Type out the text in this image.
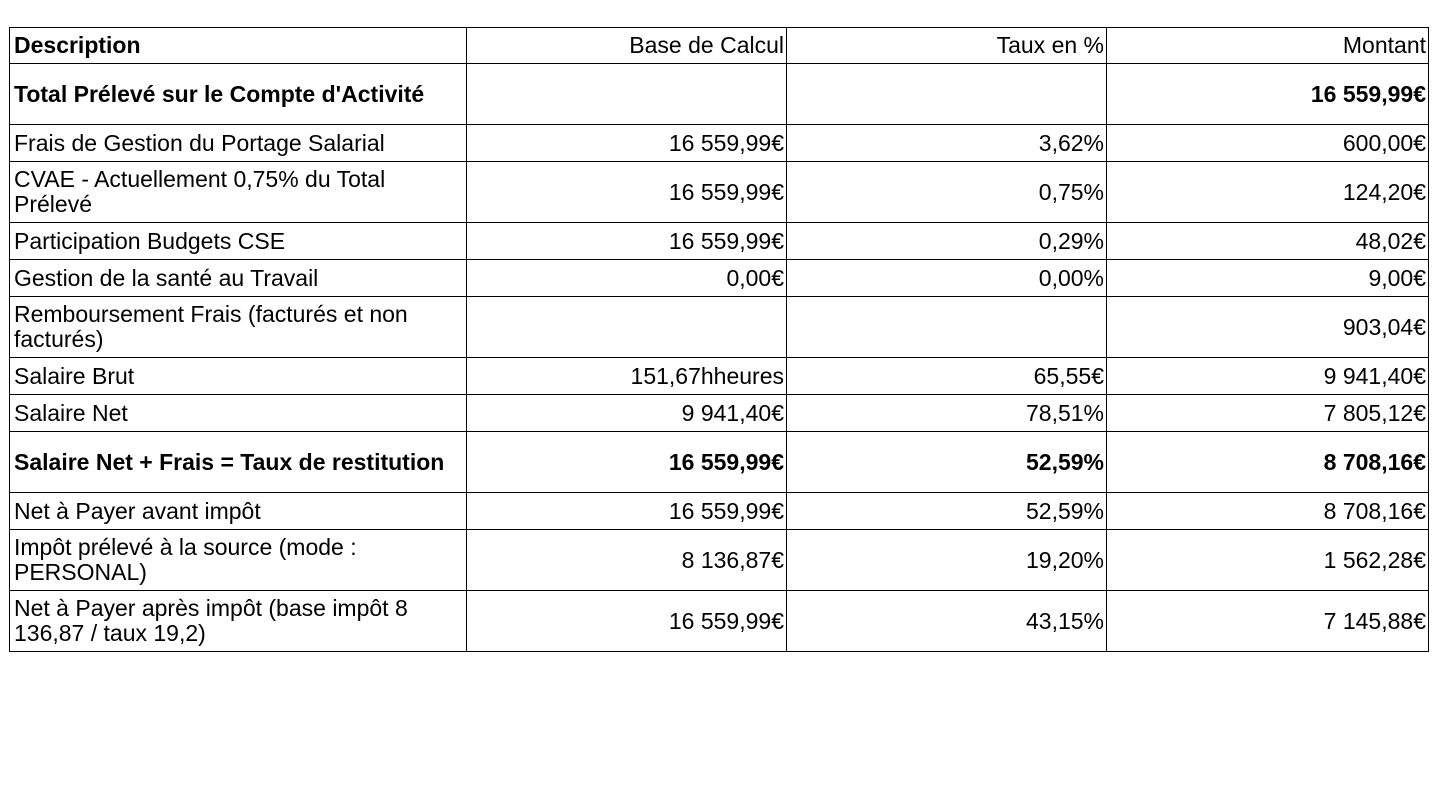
Description	Base de Calcul	Taux en %	Montant
Total Prélevé sur le Compte d'Activité			16 559,99€
Frais de Gestion du Portage Salarial	16 559,99€	3,62%	600,00€
CVAE - Actuellement 0,75% du Total Prélevé	16 559,99€	0,75%	124,20€
Participation Budgets CSE	16 559,99€	0,29%	48,02€
Gestion de la santé au Travail	0,00€	0,00%	9,00€
Remboursement Frais (facturés et non facturés)			903,04€
Salaire Brut	151,67hheures	65,55€	9 941,40€
Salaire Net	9 941,40€	78,51%	7 805,12€
Salaire Net + Frais = Taux de restitution	16 559,99€	52,59%	8 708,16€
Net à Payer avant impôt	16 559,99€	52,59%	8 708,16€
Impôt prélevé à la source (mode : PERSONAL)	8 136,87€	19,20%	1 562,28€
Net à Payer après impôt (base impôt 8 136,87 / taux 19,2)	16 559,99€	43,15%	7 145,88€
